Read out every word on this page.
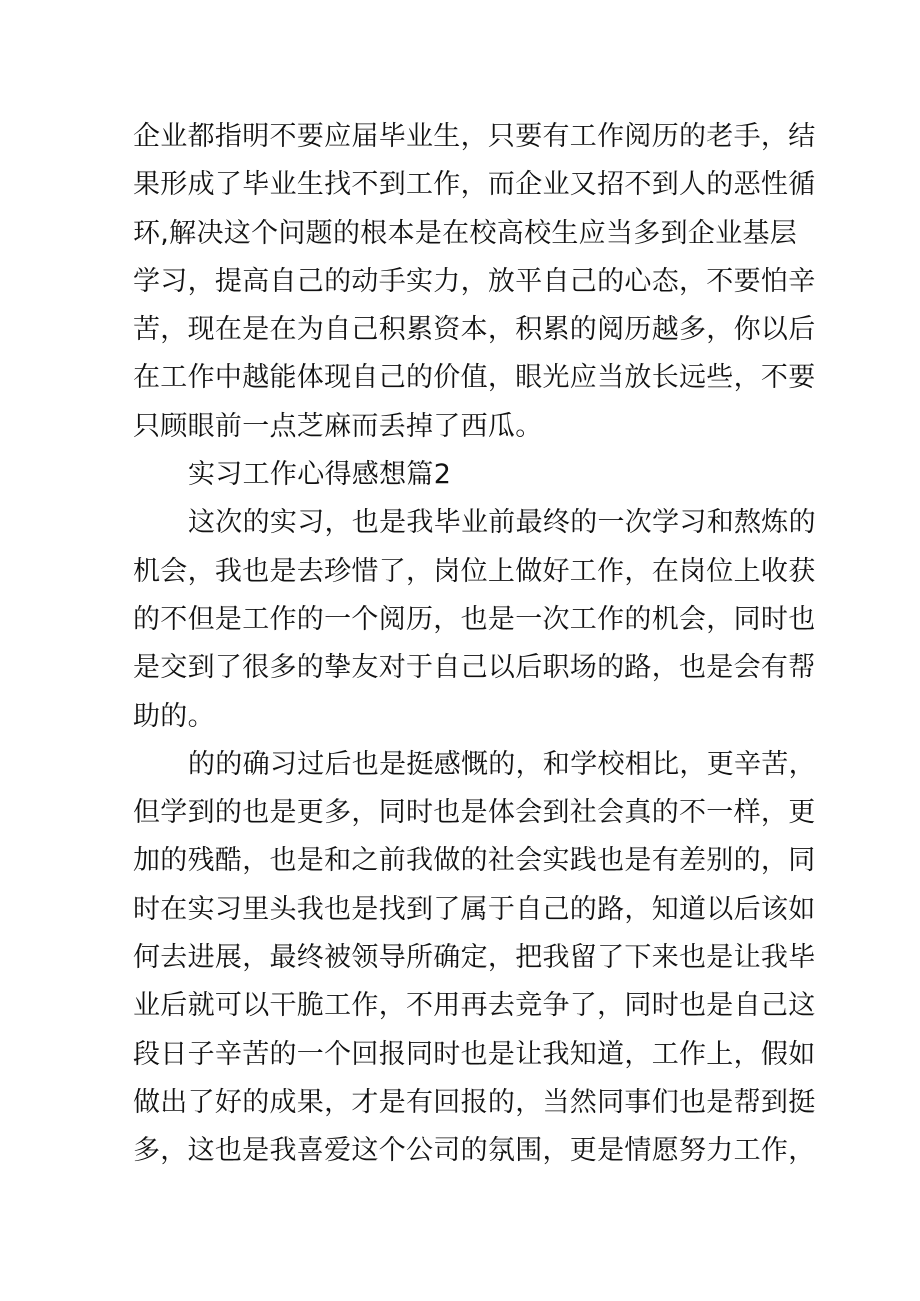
企业都指明不要应届毕业生，只要有工作阅历的老手，结
果形成了毕业生找不到工作，而企业又招不到人的恶性循
环,解决这个问题的根本是在校高校生应当多到企业基层
学习，提高自己的动手实力，放平自己的心态，不要怕辛
苦，现在是在为自己积累资本，积累的阅历越多，你以后
在工作中越能体现自己的价值，眼光应当放长远些，不要
只顾眼前一点芝麻而丢掉了西瓜。
实习工作心得感想篇2
这次的实习，也是我毕业前最终的一次学习和熬炼的
机会，我也是去珍惜了，岗位上做好工作，在岗位上收获
的不但是工作的一个阅历，也是一次工作的机会，同时也
是交到了很多的挚友对于自己以后职场的路，也是会有帮
助的。
的的确习过后也是挺感慨的，和学校相比，更辛苦，
但学到的也是更多，同时也是体会到社会真的不一样，更
加的残酷，也是和之前我做的社会实践也是有差别的，同
时在实习里头我也是找到了属于自己的路，知道以后该如
何去进展，最终被领导所确定，把我留了下来也是让我毕
业后就可以干脆工作，不用再去竞争了，同时也是自己这
段日子辛苦的一个回报同时也是让我知道，工作上，假如
做出了好的成果，才是有回报的，当然同事们也是帮到挺
多，这也是我喜爱这个公司的氛围，更是情愿努力工作，
